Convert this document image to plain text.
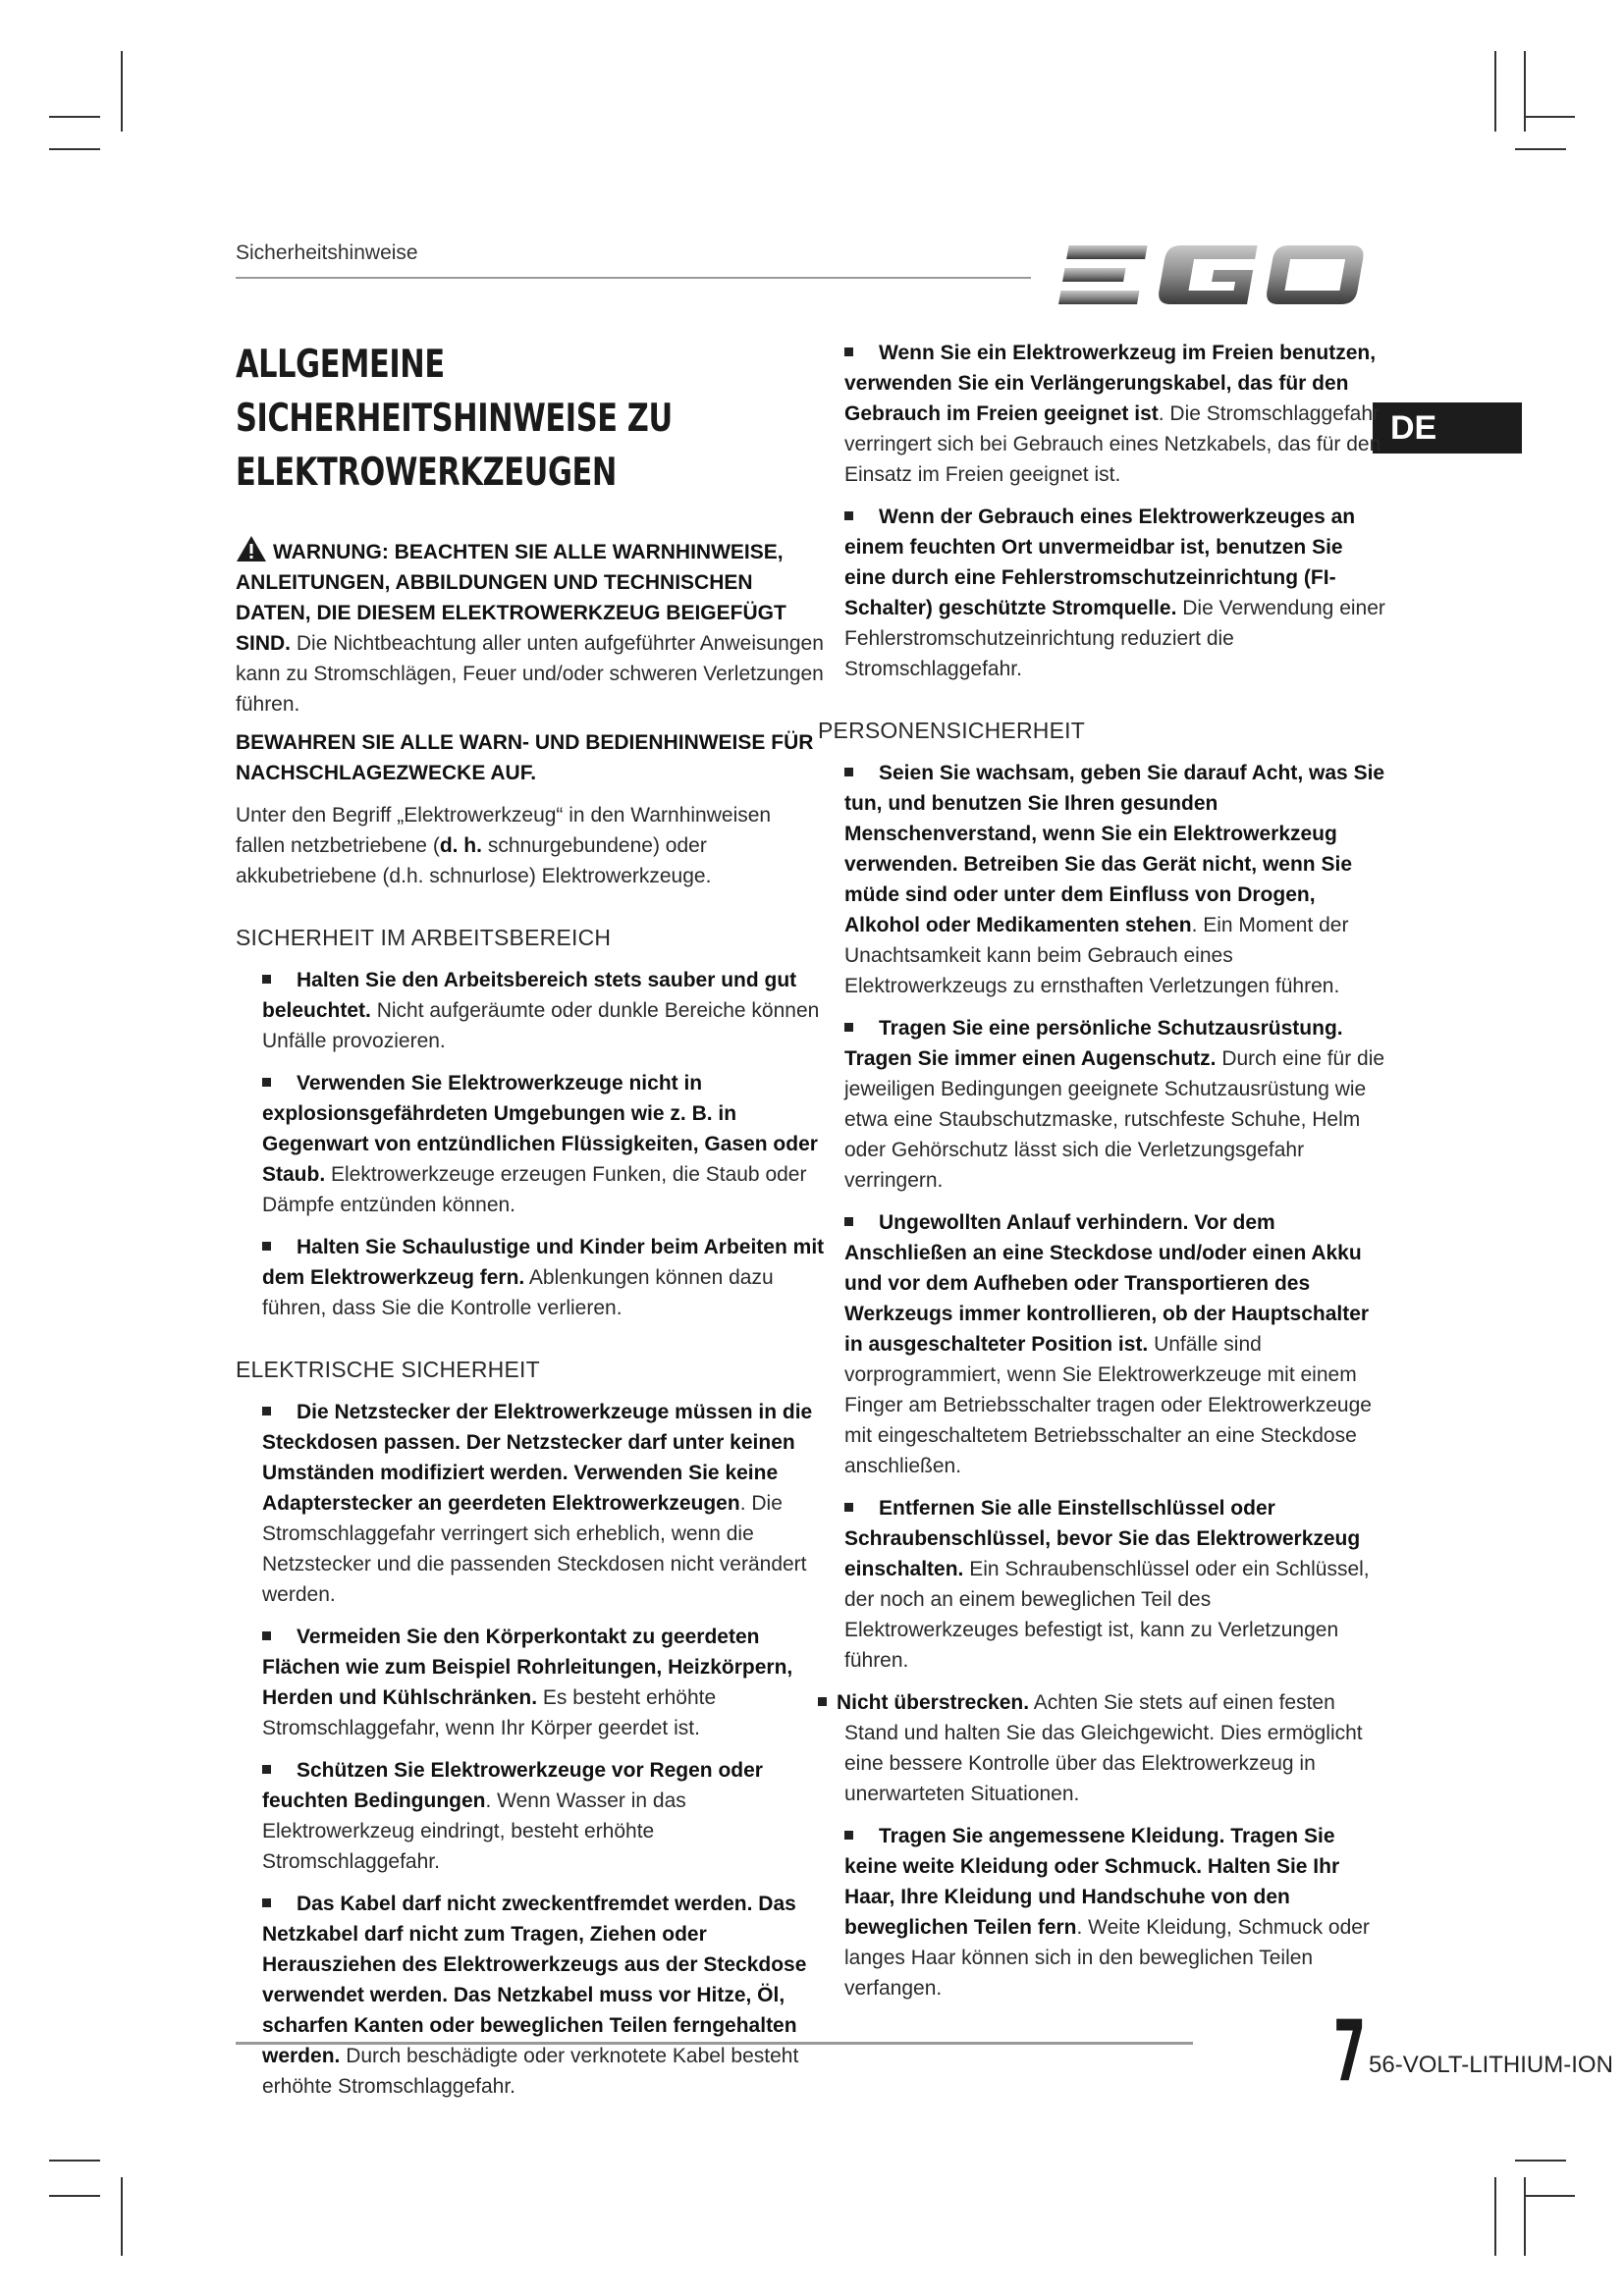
Sicherheitshinweise
DE
ALLGEMEINE SICHERHEITSHINWEISE ZU ELEKTROWERKZEUGEN
WARNUNG: BEACHTEN SIE ALLE WARNHINWEISE, ANLEITUNGEN, ABBILDUNGEN UND TECHNISCHEN DATEN, DIE DIESEM ELEKTROWERKZEUG BEIGEFÜGT SIND. Die Nichtbeachtung aller unten aufgeführter Anweisungen kann zu Stromschlägen, Feuer und/oder schweren Verletzungen führen.
BEWAHREN SIE ALLE WARN- UND BEDIENHINWEISE FÜR NACHSCHLAGEZWECKE AUF.
Unter den Begriff „Elektrowerkzeug“ in den Warnhinweisen fallen netzbetriebene (d. h. schnurgebundene) oder akkubetriebene (d.h. schnurlose) Elektrowerkzeuge.
SICHERHEIT IM ARBEITSBEREICH
Halten Sie den Arbeitsbereich stets sauber und gut beleuchtet. Nicht aufgeräumte oder dunkle Bereiche können Unfälle provozieren.
Verwenden Sie Elektrowerkzeuge nicht in explosionsgefährdeten Umgebungen wie z. B. in Gegenwart von entzündlichen Flüssigkeiten, Gasen oder Staub. Elektrowerkzeuge erzeugen Funken, die Staub oder Dämpfe entzünden können.
Halten Sie Schaulustige und Kinder beim Arbeiten mit dem Elektrowerkzeug fern. Ablenkungen können dazu führen, dass Sie die Kontrolle verlieren.
ELEKTRISCHE SICHERHEIT
Die Netzstecker der Elektrowerkzeuge müssen in die Steckdosen passen. Der Netzstecker darf unter keinen Umständen modifiziert werden. Verwenden Sie keine Adapterstecker an geerdeten Elektrowerkzeugen. Die Stromschlaggefahr verringert sich erheblich, wenn die Netzstecker und die passenden Steckdosen nicht verändert werden.
Vermeiden Sie den Körperkontakt zu geerdeten Flächen wie zum Beispiel Rohrleitungen, Heizkörpern, Herden und Kühlschränken. Es besteht erhöhte Stromschlaggefahr, wenn Ihr Körper geerdet ist.
Schützen Sie Elektrowerkzeuge vor Regen oder feuchten Bedingungen. Wenn Wasser in das Elektrowerkzeug eindringt, besteht erhöhte Stromschlaggefahr.
Das Kabel darf nicht zweckentfremdet werden. Das Netzkabel darf nicht zum Tragen, Ziehen oder Herausziehen des Elektrowerkzeugs aus der Steckdose verwendet werden. Das Netzkabel muss vor Hitze, Öl, scharfen Kanten oder beweglichen Teilen ferngehalten werden. Durch beschädigte oder verknotete Kabel besteht erhöhte Stromschlaggefahr.
Wenn Sie ein Elektrowerkzeug im Freien benutzen, verwenden Sie ein Verlängerungskabel, das für den Gebrauch im Freien geeignet ist. Die Stromschlaggefahr verringert sich bei Gebrauch eines Netzkabels, das für den Einsatz im Freien geeignet ist.
Wenn der Gebrauch eines Elektrowerkzeuges an einem feuchten Ort unvermeidbar ist, benutzen Sie eine durch eine Fehlerstromschutzeinrichtung (FI-Schalter) geschützte Stromquelle. Die Verwendung einer Fehlerstromschutzeinrichtung reduziert die Stromschlaggefahr.
PERSONENSICHERHEIT
Seien Sie wachsam, geben Sie darauf Acht, was Sie tun, und benutzen Sie Ihren gesunden Menschenverstand, wenn Sie ein Elektrowerkzeug verwenden. Betreiben Sie das Gerät nicht, wenn Sie müde sind oder unter dem Einfluss von Drogen, Alkohol oder Medikamenten stehen. Ein Moment der Unachtsamkeit kann beim Gebrauch eines Elektrowerkzeugs zu ernsthaften Verletzungen führen.
Tragen Sie eine persönliche Schutzausrüstung. Tragen Sie immer einen Augenschutz. Durch eine für die jeweiligen Bedingungen geeignete Schutzausrüstung wie etwa eine Staubschutzmaske, rutschfeste Schuhe, Helm oder Gehörschutz lässt sich die Verletzungsgefahr verringern.
Ungewollten Anlauf verhindern. Vor dem Anschließen an eine Steckdose und/oder einen Akku und vor dem Aufheben oder Transportieren des Werkzeugs immer kontrollieren, ob der Hauptschalter in ausgeschalteter Position ist. Unfälle sind vorprogrammiert, wenn Sie Elektrowerkzeuge mit einem Finger am Betriebsschalter tragen oder Elektrowerkzeuge mit eingeschaltetem Betriebsschalter an eine Steckdose anschließen.
Entfernen Sie alle Einstellschlüssel oder Schraubenschlüssel, bevor Sie das Elektrowerkzeug einschalten. Ein Schraubenschlüssel oder ein Schlüssel, der noch an einem beweglichen Teil des Elektrowerkzeuges befestigt ist, kann zu Verletzungen führen.
Nicht überstrecken. Achten Sie stets auf einen festen Stand und halten Sie das Gleichgewicht. Dies ermöglicht eine bessere Kontrolle über das Elektrowerkzeug in unerwarteten Situationen.
Tragen Sie angemessene Kleidung. Tragen Sie keine weite Kleidung oder Schmuck. Halten Sie Ihr Haar, Ihre Kleidung und Handschuhe von den beweglichen Teilen fern. Weite Kleidung, Schmuck oder langes Haar können sich in den beweglichen Teilen verfangen.
7 56-VOLT-LITHIUM-ION
